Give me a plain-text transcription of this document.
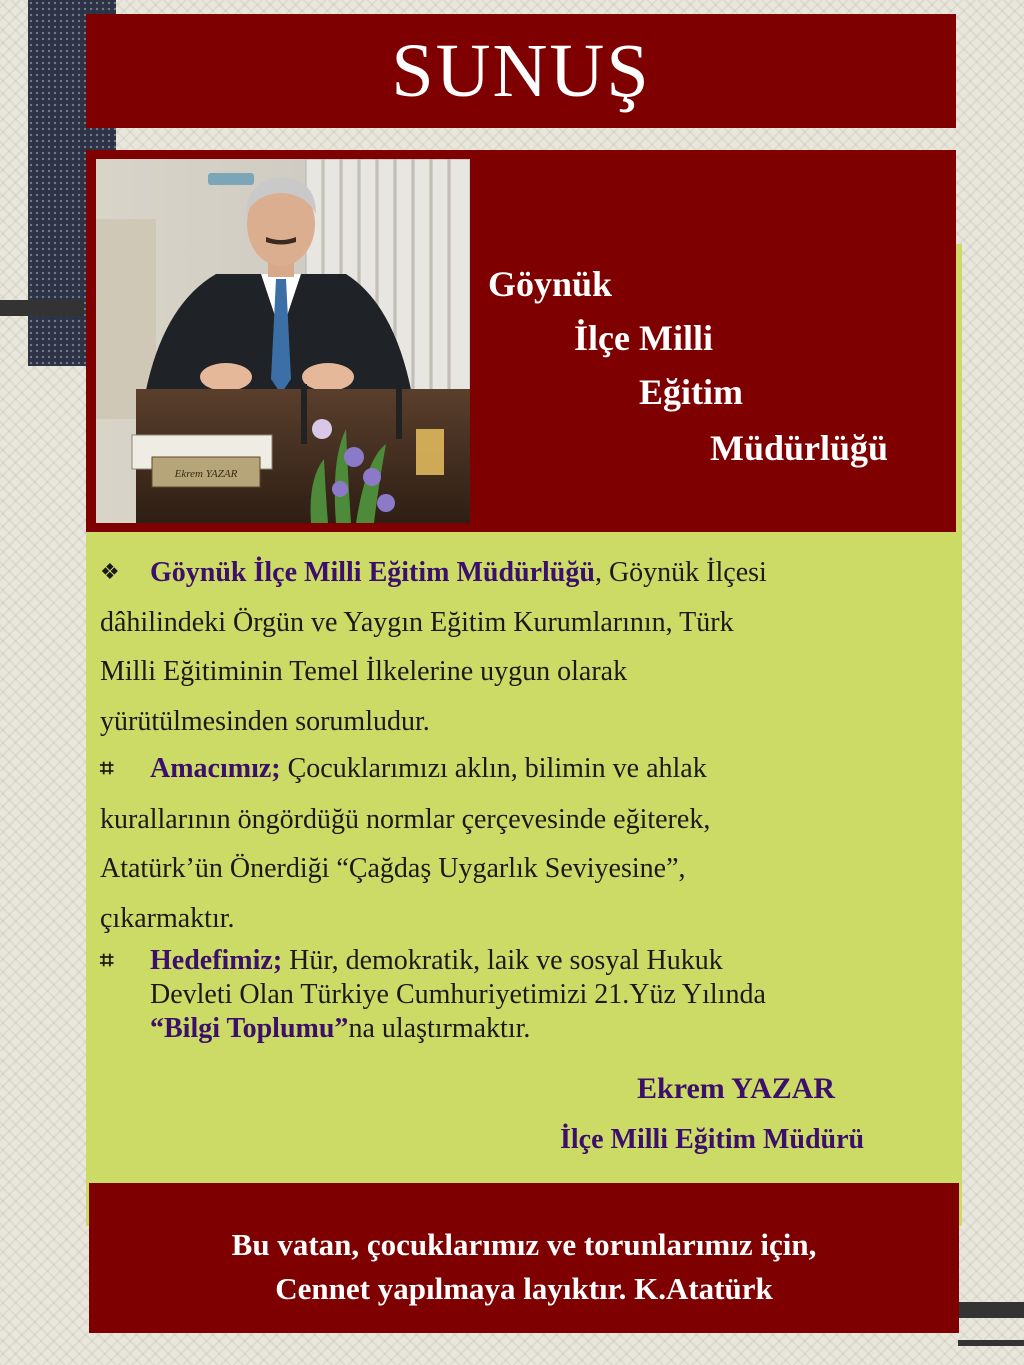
SUNUŞ
Ekrem YAZAR
Göynük
İlçe Milli
Eğitim
Müdürlüğü
❖ Göynük İlçe Milli Eğitim Müdürlüğü, Göynük İlçesi
dâhilindeki Örgün ve Yaygın Eğitim Kurumlarının, Türk
Milli Eğitiminin Temel İlkelerine uygun olarak
yürütülmesinden sorumludur.
⌗ Amacımız; Çocuklarımızı aklın, bilimin ve ahlak
kurallarının öngördüğü normlar çerçevesinde eğiterek,
Atatürk’ün Önerdiği “Çağdaş Uygarlık Seviyesine”,
çıkarmaktır.
⌗	Hedefimiz; Hür, demokratik, laik ve sosyal Hukuk
Devleti Olan Türkiye Cumhuriyetimizi 21.Yüz Yılında
“Bilgi Toplumu”na ulaştırmaktır.
Ekrem YAZAR
İlçe Milli Eğitim Müdürü
Bu vatan, çocuklarımız ve torunlarımız için,
Cennet yapılmaya layıktır. K.Atatürk
